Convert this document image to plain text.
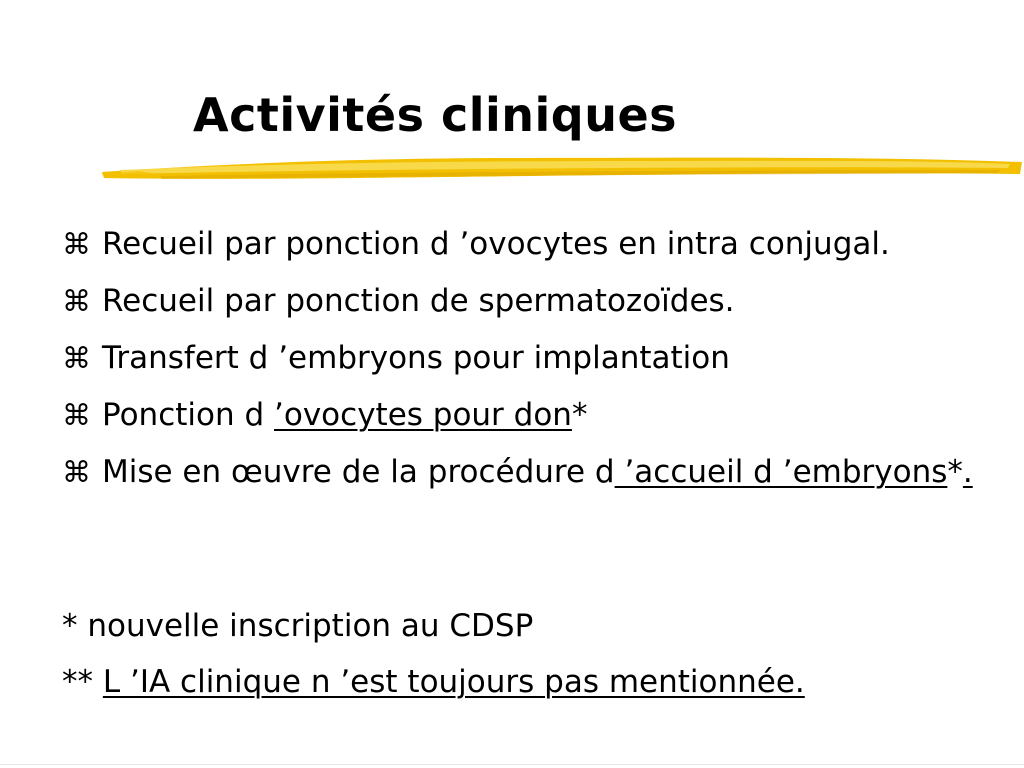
Activités cliniques
⌘ Recueil par ponction d ’ovocytes en intra conjugal.
⌘ Recueil par ponction de spermatozoïdes.
⌘ Transfert d ’embryons pour implantation
⌘ Ponction d ’ovocytes pour don*
⌘ Mise en œuvre de la procédure d ’accueil d ’embryons*.
* nouvelle inscription au CDSP
** L ’IA clinique n ’est toujours pas mentionnée.
